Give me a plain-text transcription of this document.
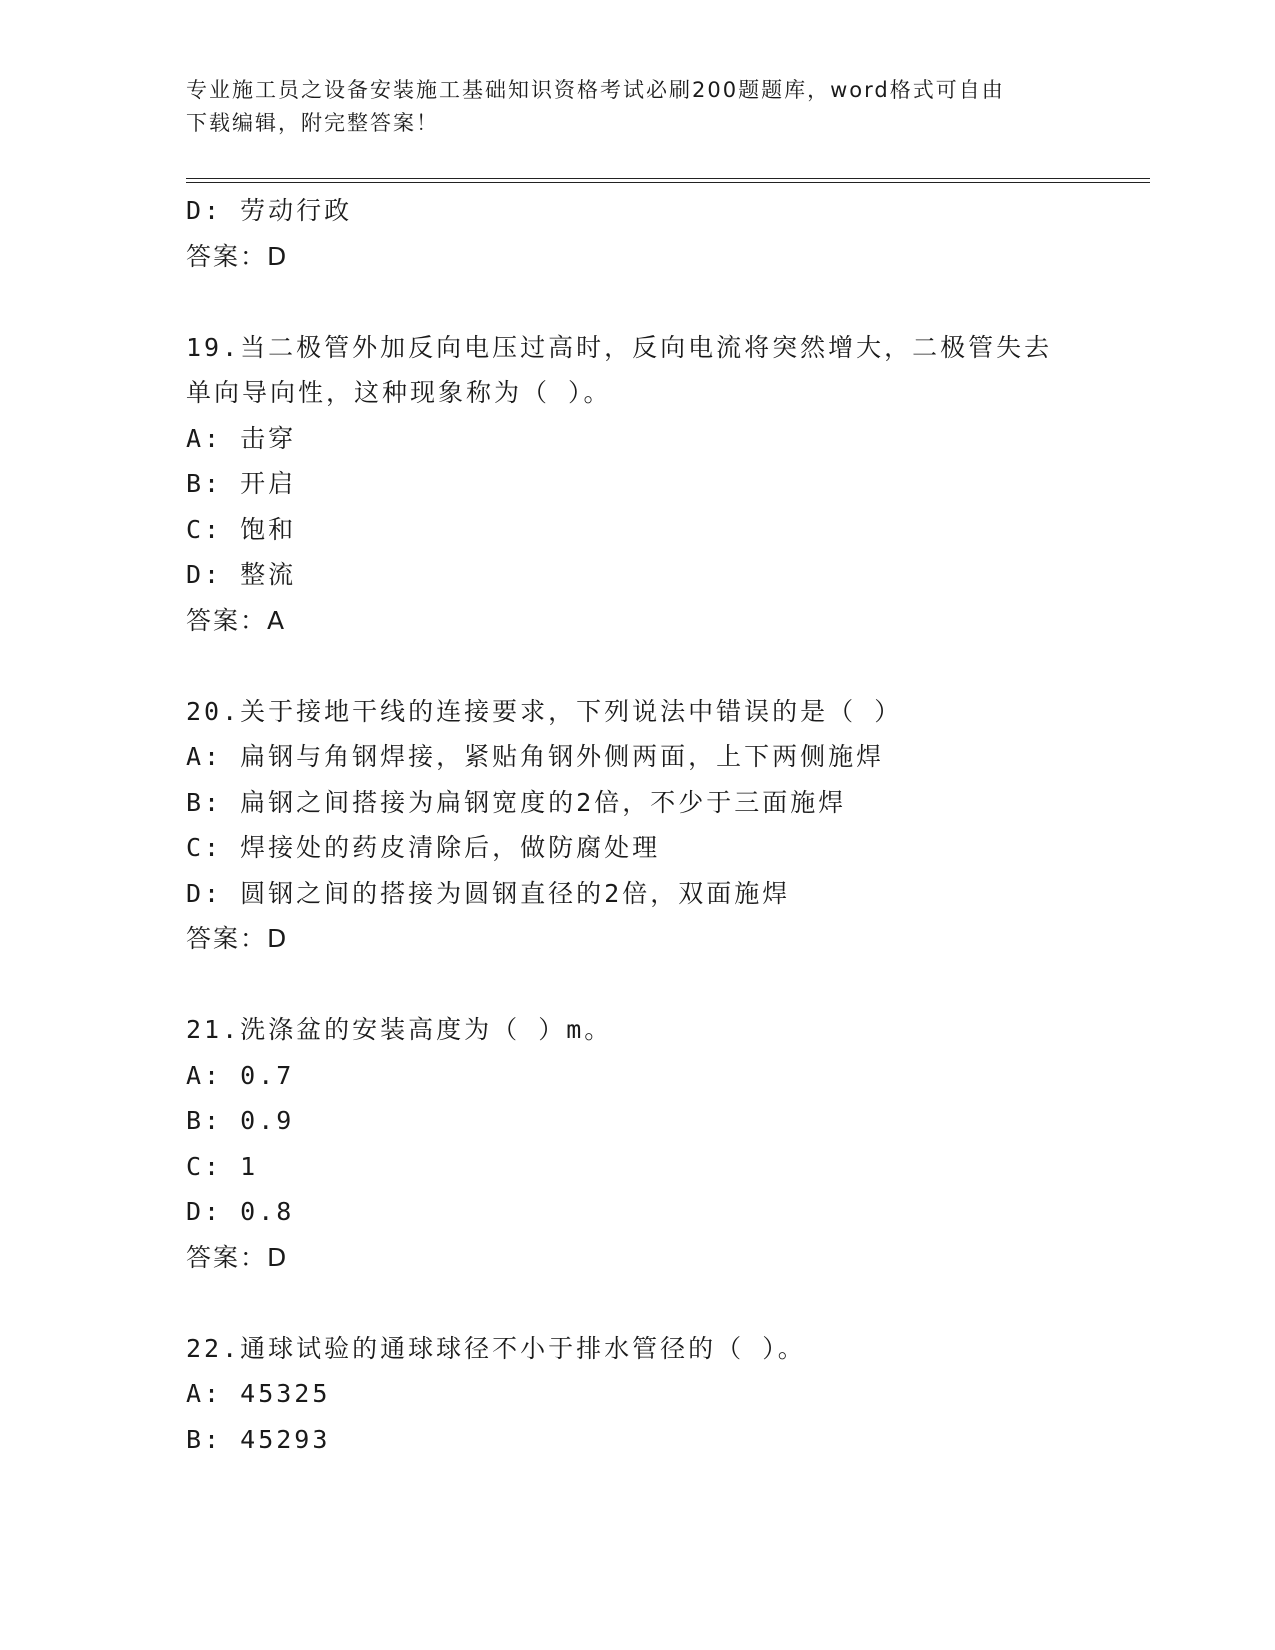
专业施工员之设备安装施工基础知识资格考试必刷200题题库，word格式可自由
下载编辑，附完整答案！
D: 劳动行政
答案：D
19.当二极管外加反向电压过高时，反向电流将突然增大，二极管失去
单向导向性，这种现象称为（ ）。
A: 击穿
B: 开启
C: 饱和
D: 整流
答案：A
20.关于接地干线的连接要求，下列说法中错误的是（ ）
A: 扁钢与角钢焊接，紧贴角钢外侧两面，上下两侧施焊
B: 扁钢之间搭接为扁钢宽度的2倍，不少于三面施焊
C: 焊接处的药皮清除后，做防腐处理
D: 圆钢之间的搭接为圆钢直径的2倍，双面施焊
答案：D
21.洗涤盆的安装高度为（ ）m。
A: 0.7
B: 0.9
C: 1
D: 0.8
答案：D
22.通球试验的通球球径不小于排水管径的（ ）。
A: 45325
B: 45293
